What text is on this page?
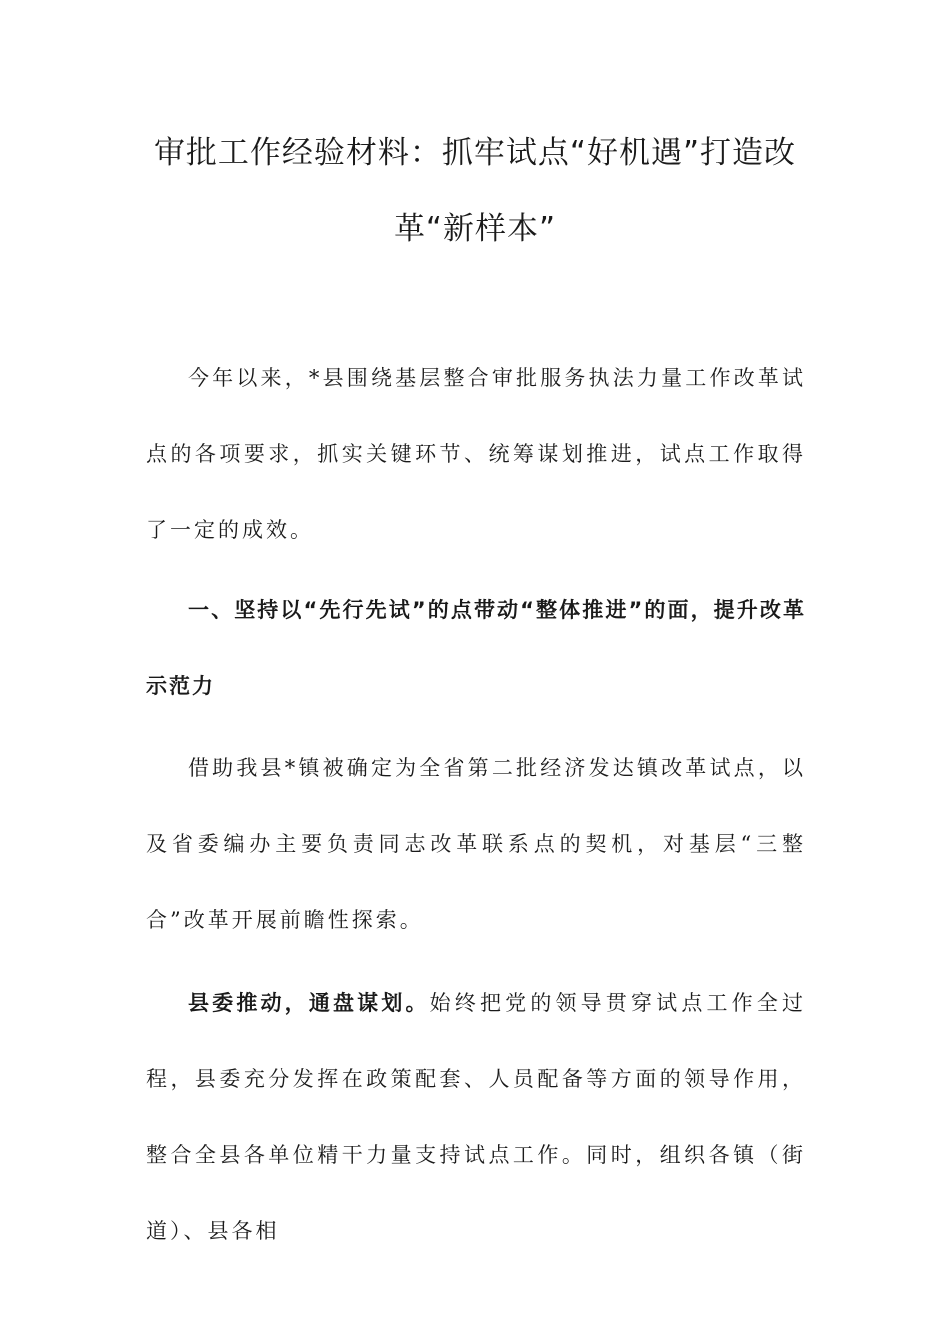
审批工作经验材料：抓牢试点“好机遇”打造改革“新样本”

今年以来，*县围绕基层整合审批服务执法力量工作改革试点的各项要求，抓实关键环节、统筹谋划推进，试点工作取得了一定的成效。

一、坚持以“先行先试”的点带动“整体推进”的面，提升改革示范力

借助我县*镇被确定为全省第二批经济发达镇改革试点，以及省委编办主要负责同志改革联系点的契机，对基层“三整合”改革开展前瞻性探索。

县委推动，通盘谋划。始终把党的领导贯穿试点工作全过程，县委充分发挥在政策配套、人员配备等方面的领导作用，整合全县各单位精干力量支持试点工作。同时，组织各镇（街道）、县各相
